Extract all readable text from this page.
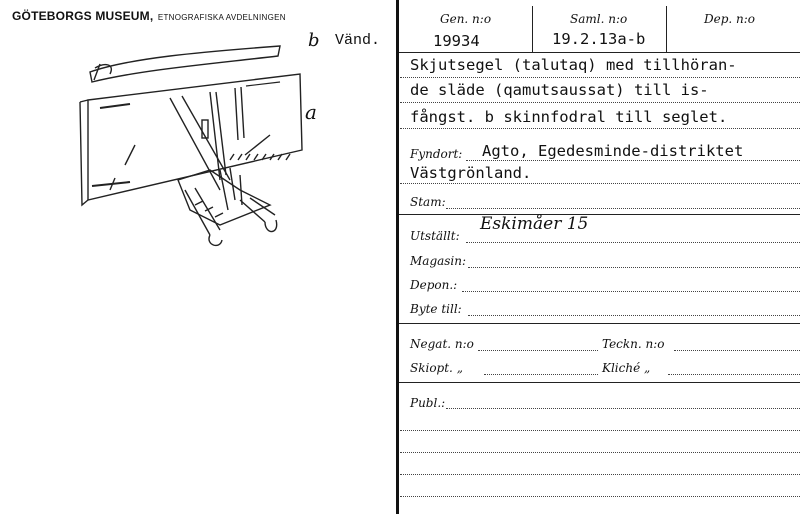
GÖTEBORGS MUSEUM, ETNOGRAFISKA AVDELNINGEN
Vänd.
b
a
Gen. n:o
19934
Saml. n:o
19.2.13a-b
Dep. n:o
Skjutsegel (talutaq) med tillhöran-
de släde (qamutsaussat) till is-
fångst. b skinnfodral till seglet.
Fyndort: Agto, Egedesminde-distriktet
Västgrönland.
Stam:
Utställt:
Eskimåer 15
Magasin:
Depon.:
Byte till:
Negat. n:o	Teckn. n:o
Skiopt. „	Kliché „
Publ.:
